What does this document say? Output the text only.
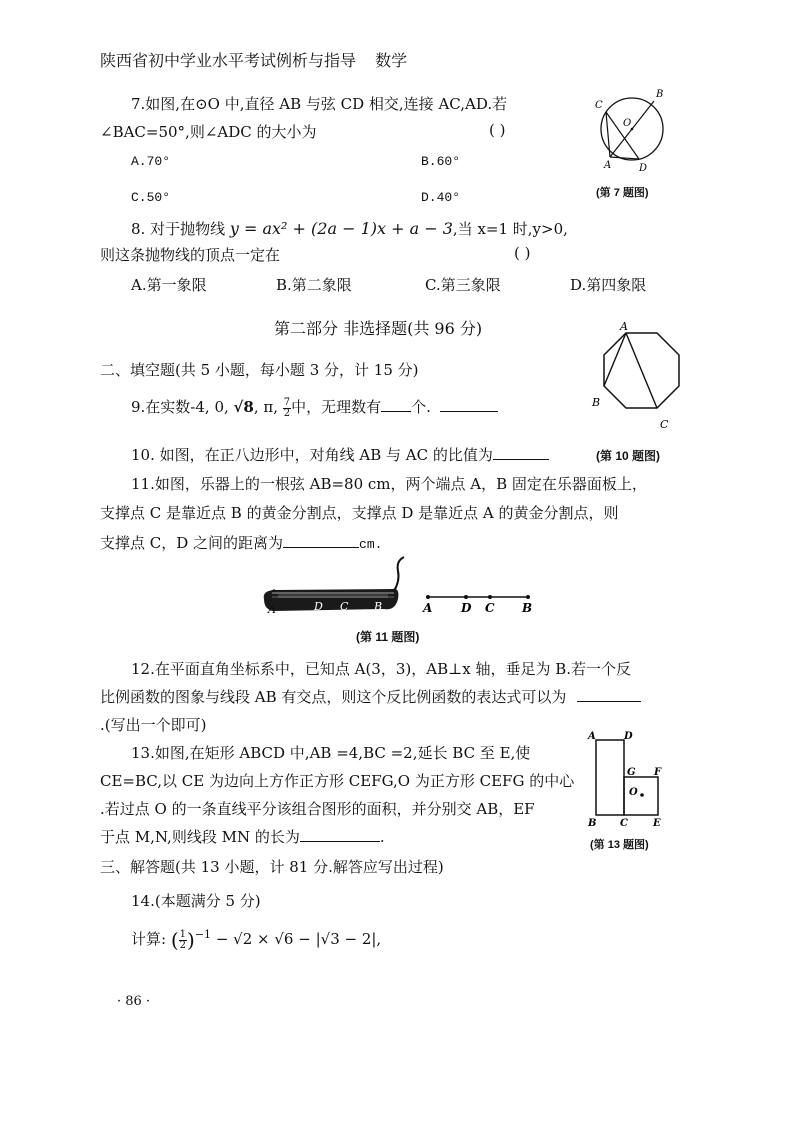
陕西省初中学业水平考试例析与指导 数学
7.如图,在⊙O 中,直径 AB 与弦 CD 相交,连接 AC,AD.若
∠BAC=50°,则∠ADC 的大小为	( )
A.70°	B.60°
C.50°	D.40°
C
B
O
A	D
(第 7 题图)
8. 对于抛物线 y = ax² + (2a − 1)x + a − 3,当 x=1 时,y>0,
则这条抛物线的顶点一定在	( )
A.第一象限	B.第二象限	C.第三象限	D.第四象限
第二部分 非选择题(共 96 分)
二、填空题(共 5 小题，每小题 3 分，计 15 分)
A
B
C
9.在实数-4, 0, √8, π, $\frac{7}{2}$ 中，无理数有 个.
10. 如图，在正八边形中，对角线 AB 与 AC 的比值为	(第 10 题图)
11.如图，乐器上的一根弦 AB=80 cm，两个端点 A，B 固定在乐器面板上，
支撑点 C 是靠近点 B 的黄金分割点，支撑点 D 是靠近点 A 的黄金分割点，则
支撑点 C，D 之间的距离为	cm.
A	D C B	A D C B
(第 11 题图)
12.在平面直角坐标系中，已知点 A(3，3)，AB⊥x 轴，垂足为 B.若一个反
比例函数的图象与线段 AB 有交点，则这个反比例函数的表达式可以为
.(写出一个即可)
13.如图,在矩形 ABCD 中,AB =4,BC =2,延长 BC 至 E,使
CE=BC,以 CE 为边向上方作正方形 CEFG,O 为正方形 CEFG 的中心
.若过点 O 的一条直线平分该组合图形的面积，并分别交 AB，EF
于点 M,N,则线段 MN 的长为	.
A	D
G F
O
B C	E
(第 13 题图)
三、解答题(共 13 小题，计 81 分.解答应写出过程)
14.(本题满分 5 分)
计算: ( $\frac{1}{2} )^{-1} - √2 \times √6 - |√3 - 2|$,
· 86 ·
